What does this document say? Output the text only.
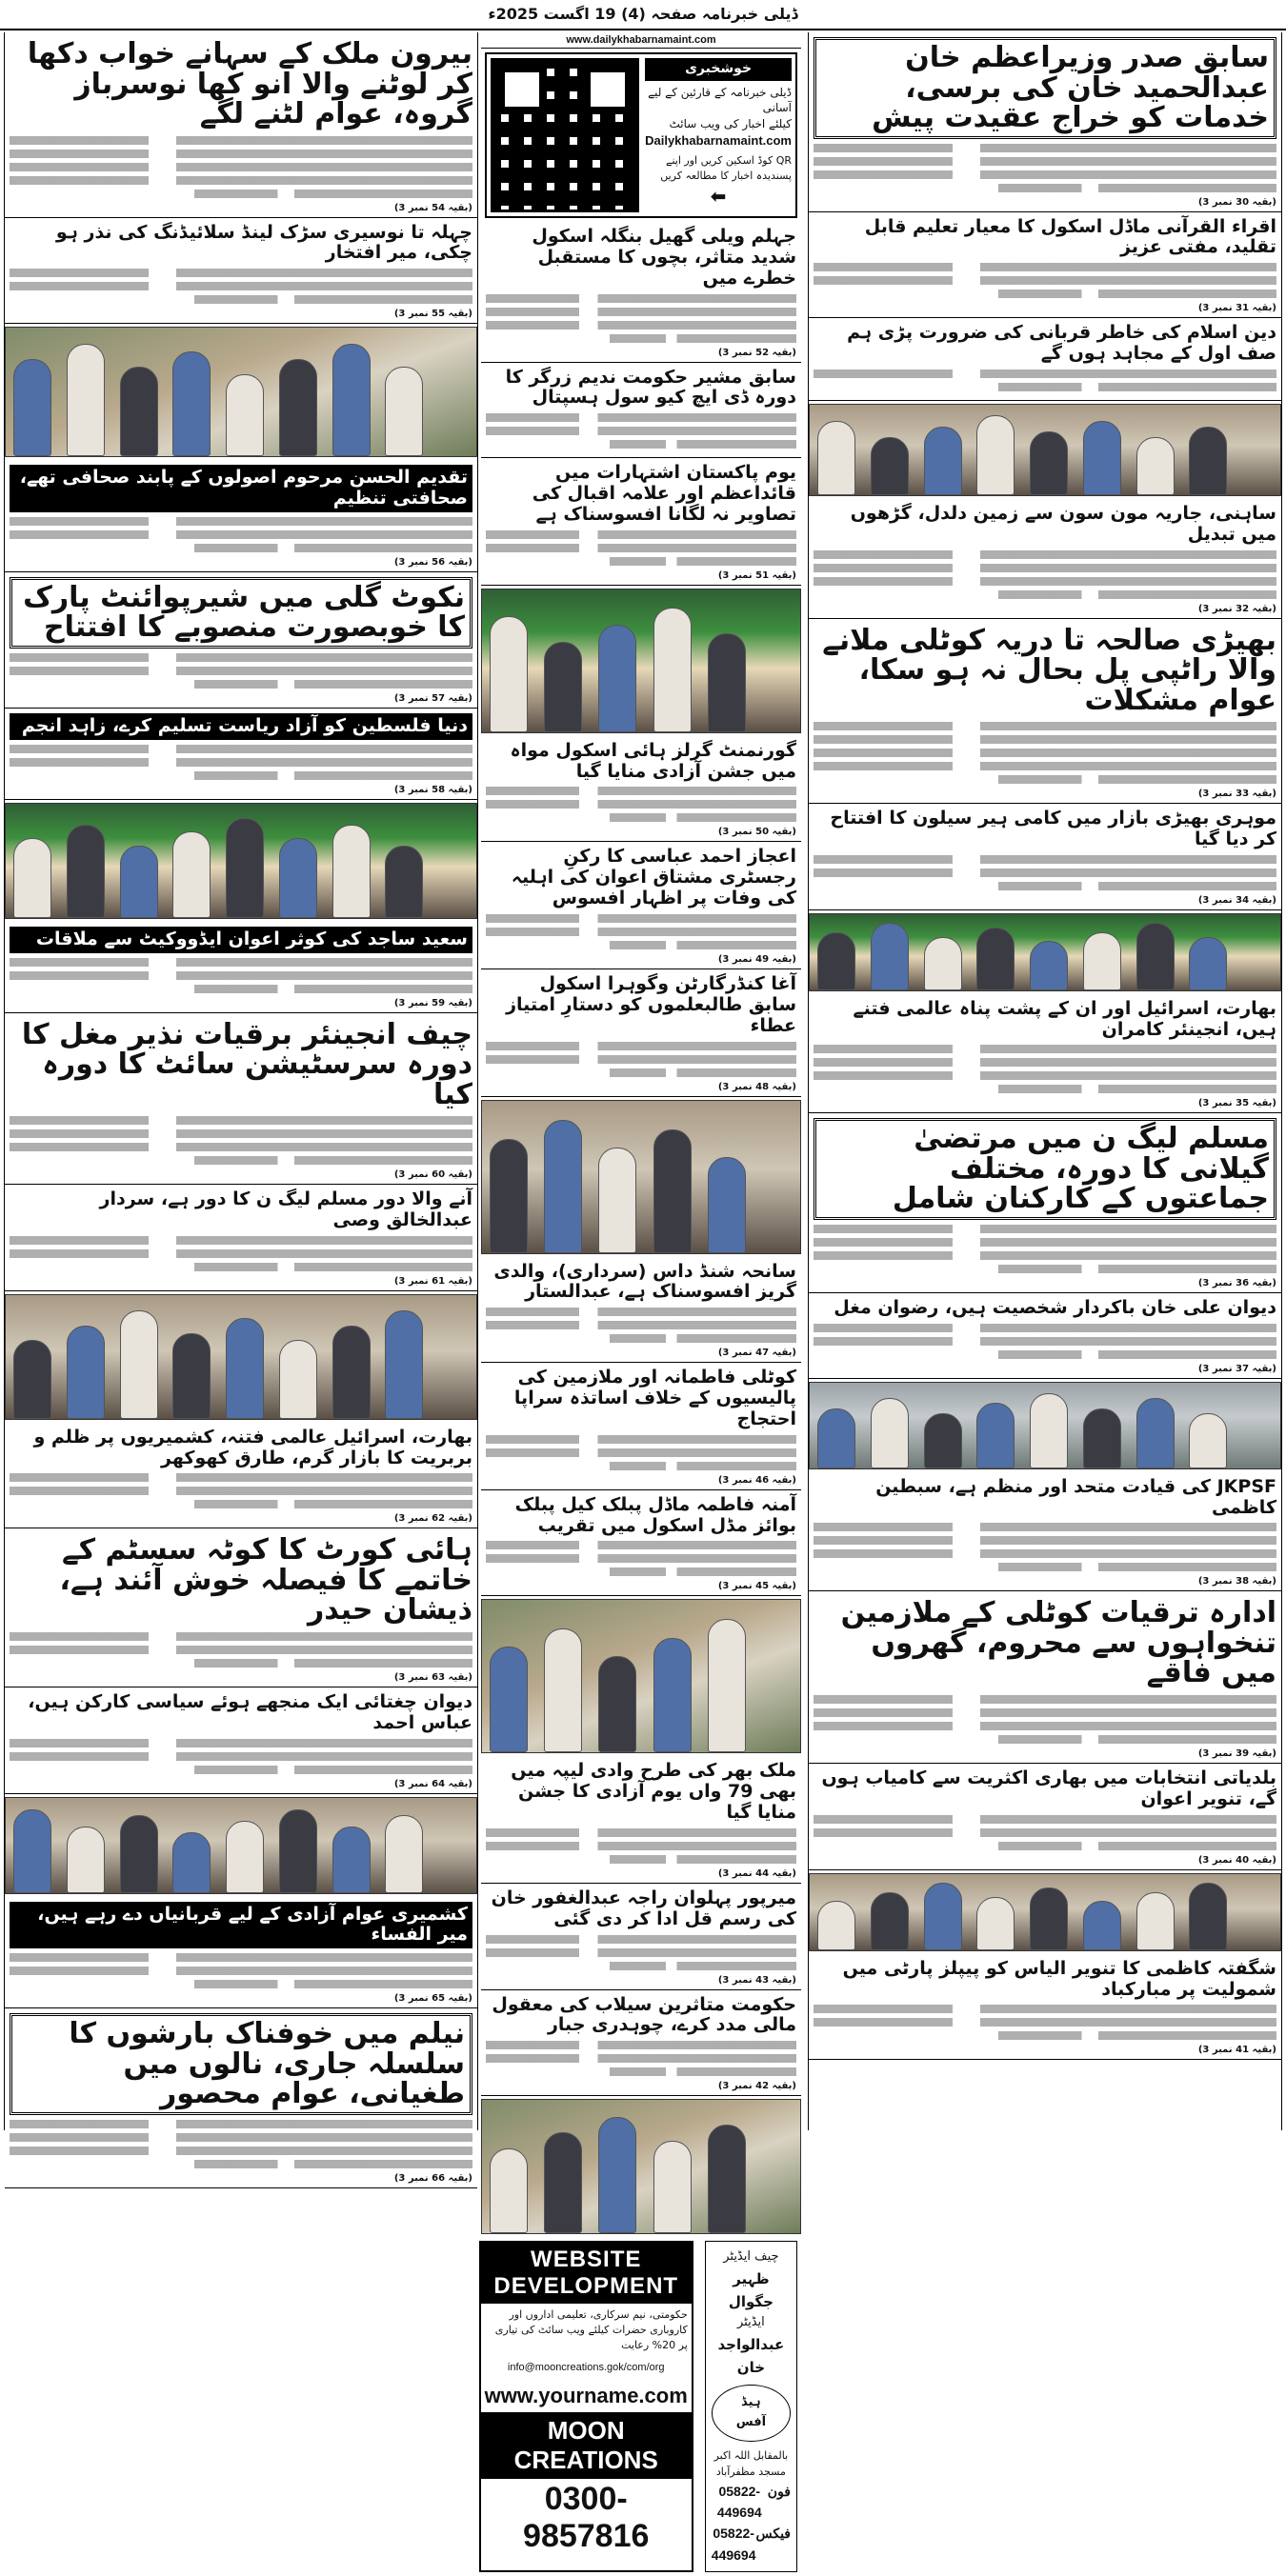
ڈیلی خبرنامہ صفحہ (4) 19 اگست 2025ء
سابق صدر وزیراعظم خان عبدالحمید خان کی برسی، خدمات کو خراج عقیدت پیش
(بقیہ 30 نمبر 3)
اقراء القرآنی ماڈل اسکول کا معیار تعلیم قابل تقلید، مفتی عزیز
(بقیہ 31 نمبر 3)
دین اسلام کی خاطر قربانی کی ضرورت پڑی ہم صف اول کے مجاہد ہوں گے
ساہنی، جاریہ مون سون سے زمین دلدل، گڑھوں میں تبدیل
(بقیہ 32 نمبر 3)
بھیڑی صالحہ تا دریہ کوٹلی ملانے والا راٹپی پل بحال نہ ہو سکا، عوام مشکلات
(بقیہ 33 نمبر 3)
موہری بھیڑی بازار میں کامی ہیر سیلون کا افتتاح کر دیا گیا
(بقیہ 34 نمبر 3)
بھارت، اسرائیل اور ان کے پشت پناہ عالمی فتنے ہیں، انجینئر کامران
(بقیہ 35 نمبر 3)
مسلم لیگ ن میں مرتضیٰ گیلانی کا دورہ، مختلف جماعتوں کے کارکنان شامل
(بقیہ 36 نمبر 3)
دیوان علی خان باکردار شخصیت ہیں، رضوان مغل
(بقیہ 37 نمبر 3)
JKPSF کی قیادت متحد اور منظم ہے، سبطین کاظمی
(بقیہ 38 نمبر 3)
ادارہ ترقیات کوٹلی کے ملازمین تنخواہوں سے محروم، گھروں میں فاقے
(بقیہ 39 نمبر 3)
بلدیاتی انتخابات میں بھاری اکثریت سے کامیاب ہوں گے، تنویر اعوان
(بقیہ 40 نمبر 3)
شگفتہ کاظمی کا تنویر الیاس کو پیپلز پارٹی میں شمولیت پر مبارکباد
(بقیہ 41 نمبر 3)
www.dailykhabarnamaint.com
خوشخبری
ڈیلی خبرنامہ کے قارئین کے لیے آسانی
کیلئے اخبار کی ویب سائٹ
Dailykhabarnamaint.com
QR کوڈ اسکین کریں اور اپنے پسندیدہ اخبار کا مطالعہ کریں
⬅
جہلم ویلی گھیل بنگلہ اسکول شدید متاثر، بچوں کا مستقبل خطرے میں
(بقیہ 52 نمبر 3)
سابق مشیر حکومت ندیم زرگر کا دورہ ڈی ایچ کیو سول ہسپتال
یوم پاکستان اشتہارات میں قائداعظم اور علامہ اقبال کی تصاویر نہ لگانا افسوسناک ہے
(بقیہ 51 نمبر 3)
گورنمنٹ گرلز ہائی اسکول مواہ میں جشن آزادی منایا گیا
(بقیہ 50 نمبر 3)
اعجاز احمد عباسی کا رکنِ رجسٹری مشتاق اعوان کی اہلیہ کی وفات پر اظہار افسوس
(بقیہ 49 نمبر 3)
آغا کنڈرگارٹن وگوہرا اسکول سابق طالبعلموں کو دستارِ امتیاز عطاء
(بقیہ 48 نمبر 3)
سانحہ شنڈ داس (سرداری)، والدی گریز افسوسناک ہے، عبدالستار
(بقیہ 47 نمبر 3)
کوٹلی فاطمانہ اور ملازمین کی پالیسیوں کے خلاف اساتذہ سراپا احتجاج
(بقیہ 46 نمبر 3)
آمنہ فاطمہ ماڈل پبلک کیل پبلک بوائز مڈل اسکول میں تقریب
(بقیہ 45 نمبر 3)
ملک بھر کی طرح وادی لیپہ میں بھی 79 واں یوم آزادی کا جشن منایا گیا
(بقیہ 44 نمبر 3)
میرپور پہلوان راجہ عبدالغفور خان کی رسم قل ادا کر دی گئی
(بقیہ 43 نمبر 3)
حکومت متاثرین سیلاب کی معقول مالی مدد کرے، چوہدری جبار
(بقیہ 42 نمبر 3)
چیف ایڈیٹر
ظہیر جگوال
ایڈیٹر
عبدالواجد خان
ہیڈ آفس
بالمقابل اللہ اکبر مسجد مظفرآباد
فون
05822-449694
فیکس
05822-449694
WEBSITE DEVELOPMENT
حکومتی، نیم سرکاری، تعلیمی اداروں اور کاروباری حضرات کیلئے ویب سائٹ کی تیاری پر 20% رعایت
info@mooncreations.gok/com/org
www.yourname.com
MOON CREATIONS
0300-9857816
بیرون ملک کے سہانے خواب دکھا کر لوٹنے والا انو کھا نوسرباز گروہ، عوام لٹنے لگے
(بقیہ 54 نمبر 3)
چہلہ تا نوسیری سڑک لینڈ سلائیڈنگ کی نذر ہو چکی، میر افتخار
(بقیہ 55 نمبر 3)
تقدیم الحسن مرحوم اصولوں کے پابند صحافی تھے، صحافتی تنظیم
(بقیہ 56 نمبر 3)
نکوٹ گلی میں شیرپوائنٹ پارک کا خوبصورت منصوبے کا افتتاح
(بقیہ 57 نمبر 3)
دنیا فلسطین کو آزاد ریاست تسلیم کرے، زاہد انجم
(بقیہ 58 نمبر 3)
سعید ساجد کی کوثر اعوان ایڈووکیٹ سے ملاقات
(بقیہ 59 نمبر 3)
چیف انجینئر برقیات نذیر مغل کا دورہ سرسٹیشن سائٹ کا دورہ کیا
(بقیہ 60 نمبر 3)
آنے والا دور مسلم لیگ ن کا دور ہے، سردار عبدالخالق وصی
(بقیہ 61 نمبر 3)
بھارت، اسرائیل عالمی فتنہ، کشمیریوں پر ظلم و بربریت کا بازار گرم، طارق کھوکھر
(بقیہ 62 نمبر 3)
ہائی کورٹ کا کوٹہ سسٹم کے خاتمے کا فیصلہ خوش آئند ہے، ذیشان حیدر
(بقیہ 63 نمبر 3)
دیوان چغتائی ایک منجھے ہوئے سیاسی کارکن ہیں، عباس احمد
(بقیہ 64 نمبر 3)
کشمیری عوام آزادی کے لیے قربانیاں دے رہے ہیں، میر الفساء
(بقیہ 65 نمبر 3)
نیلم میں خوفناک بارشوں کا سلسلہ جاری، نالوں میں طغیانی، عوام محصور
(بقیہ 66 نمبر 3)
